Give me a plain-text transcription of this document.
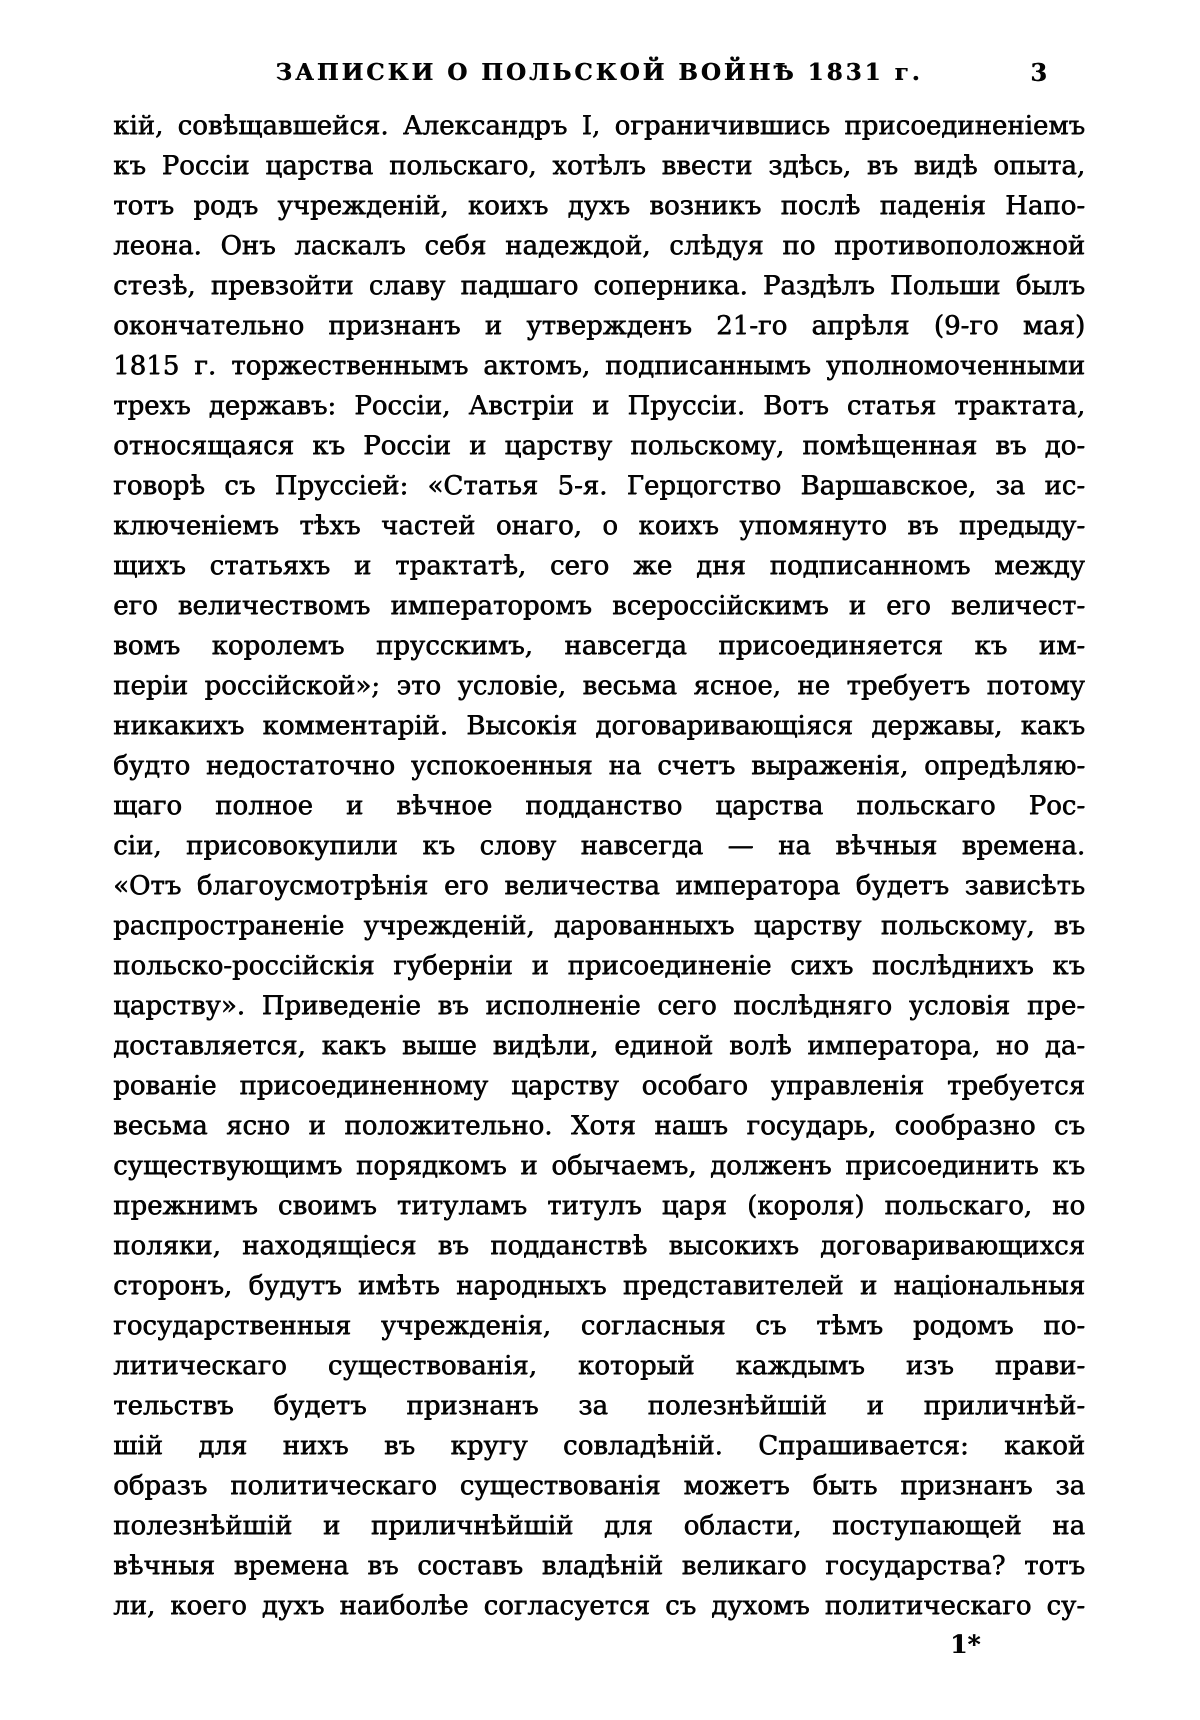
ЗАПИСКИ О ПОЛЬСКОЙ ВОЙНѢ 1831 г.	3
кій, совѣщавшейся. Александръ I, ограничившись присоединеніемъ
къ Россіи царства польскаго, хотѣлъ ввести здѣсь, въ видѣ опыта,
тотъ родъ учрежденій, коихъ духъ возникъ послѣ паденія Напо-
леона. Онъ ласкалъ себя надеждой, слѣдуя по противоположной
стезѣ, превзойти славу падшаго соперника. Раздѣлъ Польши былъ
окончательно признанъ и утвержденъ 21-го апрѣля (9-го мая)
1815 г. торжественнымъ актомъ, подписаннымъ уполномоченными
трехъ державъ: Россіи, Австріи и Пруссіи. Вотъ статья трактата,
относящаяся къ Россіи и царству польскому, помѣщенная въ до-
говорѣ съ Пруссіей: «Статья 5-я. Герцогство Варшавское, за ис-
ключеніемъ тѣхъ частей онаго, о коихъ упомянуто въ предыду-
щихъ статьяхъ и трактатѣ, сего же дня подписанномъ между
его величествомъ императоромъ всероссійскимъ и его величест-
вомъ королемъ прусскимъ, навсегда присоединяется къ им-
періи россійской»; это условіе, весьма ясное, не требуетъ потому
никакихъ комментарій. Высокія договаривающіяся державы, какъ
будто недостаточно успокоенныя на счетъ выраженія, опредѣляю-
щаго полное и вѣчное подданство царства польскаго Рос-
сіи, присовокупили къ слову навсегда — на вѣчныя времена.
«Отъ благоусмотрѣнія его величества императора будетъ зависѣть
распространеніе учрежденій, дарованныхъ царству польскому, въ
польско-россійскія губерніи и присоединеніе сихъ послѣднихъ къ
царству». Приведеніе въ исполненіе сего послѣдняго условія пре-
доставляется, какъ выше видѣли, единой волѣ императора, но да-
рованіе присоединенному царству особаго управленія требуется
весьма ясно и положительно. Хотя нашъ государь, сообразно съ
существующимъ порядкомъ и обычаемъ, долженъ присоединить къ
прежнимъ своимъ титуламъ титулъ царя (короля) польскаго, но
поляки, находящіеся въ подданствѣ высокихъ договаривающихся
сторонъ, будутъ имѣть народныхъ представителей и національныя
государственныя учрежденія, согласныя съ тѣмъ родомъ по-
литическаго существованія, который каждымъ изъ прави-
тельствъ будетъ признанъ за полезнѣйшій и приличнѣй-
шій для нихъ въ кругу совладѣній. Спрашивается: какой
образъ политическаго существованія можетъ быть признанъ за
полезнѣйшій и приличнѣйшій для области, поступающей на
вѣчныя времена въ составъ владѣній великаго государства? тотъ
ли, коего духъ наиболѣе согласуется съ духомъ политическаго су-
1*
